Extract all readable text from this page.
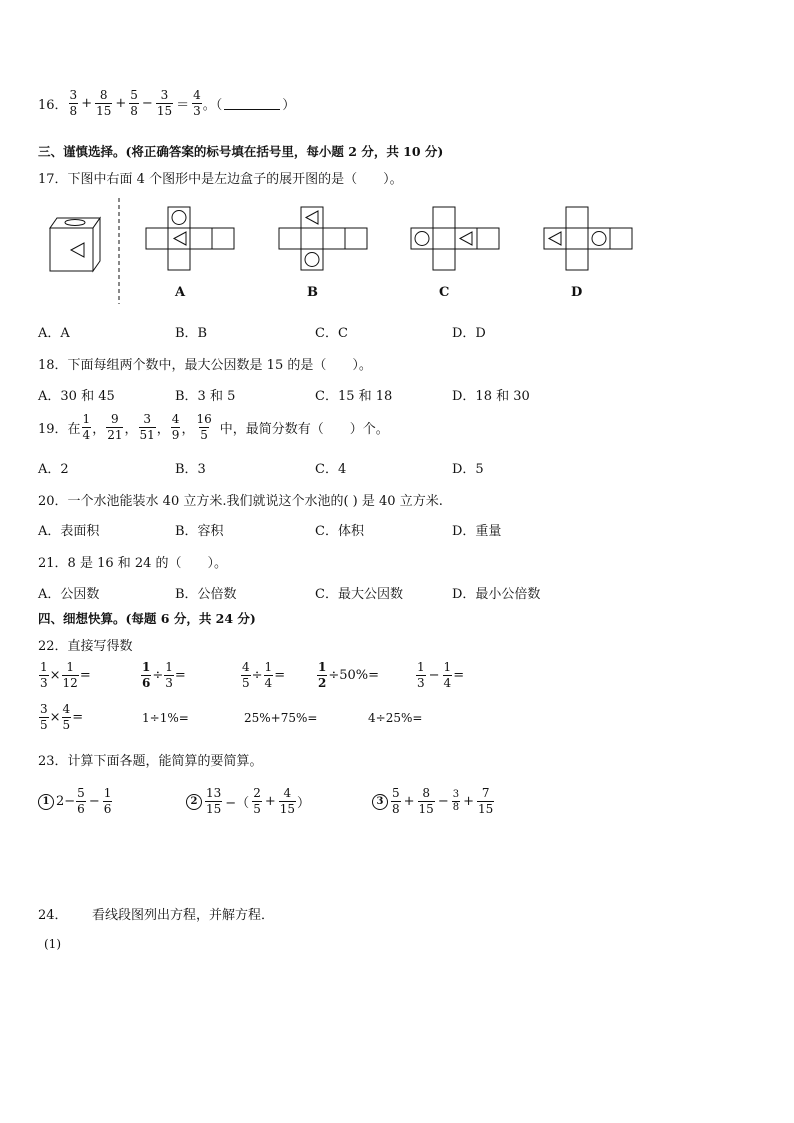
16． $\frac{3}{8} + \frac{8}{15} + \frac{5}{8} - \frac{3}{15} = \frac{4}{3}$ 。（	）
三、谨慎选择。(将正确答案的标号填在括号里，每小题 2 分，共 10 分)
17．下图中右面 4 个图形中是左边盒子的展开图的是（　　）。
A	B	C	D
A．A	B．B	C．C	D．D
18．下面每组两个数中，最大公因数是 15 的是（　　）。
A．30 和 45	B．3 和 5	C．15 和 18	D．18 和 30
19．在 $\frac{1}{4}$ ， $\frac{9}{21}$ ， $\frac{3}{51}$ ， $\frac{4}{9}$ ， $\frac{16}{5}$ 中，最简分数有（　　）个。
A．2	B．3	C．4	D．5
20．一个水池能装水 40 立方米.我们就说这个水池的( ) 是 40 立方米.
A．表面积	B．容积	C．体积	D．重量
21．8 是 16 和 24 的（　　）。
A．公因数	B．公倍数	C．最大公因数	D．最小公倍数
四、细想快算。(每题 6 分，共 24 分)
22．直接写得数
$\frac{1}{3} \times \frac{1}{12}$ =	$\frac{1}{6} \div \frac{1}{3}$ =	$\frac{4}{5} \div \frac{1}{4}$ =	$\frac{1}{2} \div 50\%=$	$\frac{1}{3} - \frac{1}{4}$ =
$\frac{3}{5} \times \frac{4}{5}$ =	1÷1%=	25%+75%=	4÷25%=
23．计算下面各题，能简算的要简算。
1 $2- \frac{5}{6} - \frac{1}{6}$	$2 \frac{13}{15}$ −（ $\frac{2}{5} + \frac{4}{15}$ ）	$3 \frac{5}{8} + \frac{8}{15} - \frac{3}{8} + \frac{7}{15}$
24． 看线段图列出方程，并解方程．
(1)
